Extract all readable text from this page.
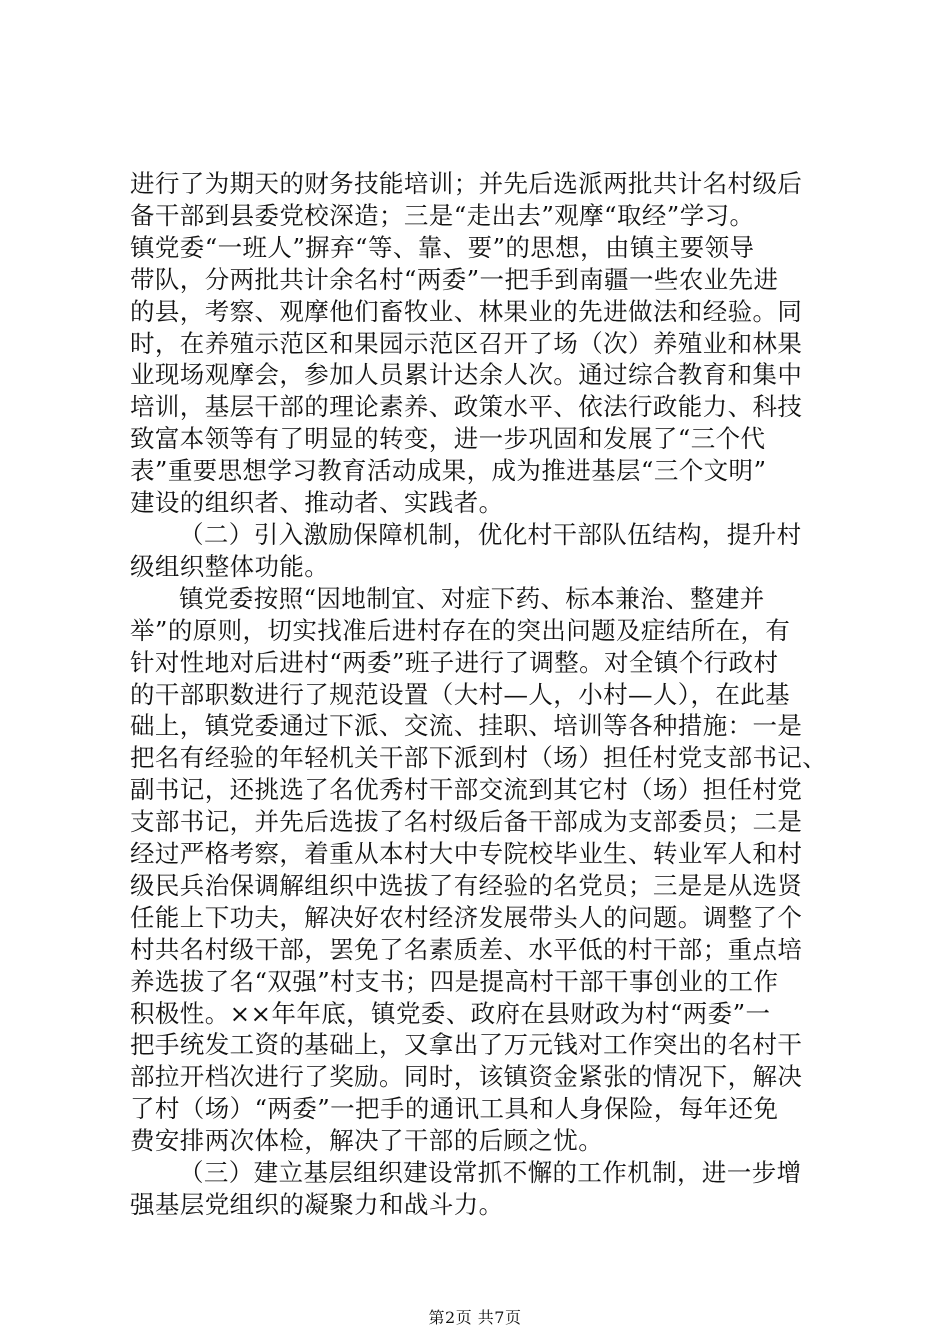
进行了为期天的财务技能培训；并先后选派两批共计名村级后
备干部到县委党校深造；三是“走出去”观摩“取经”学习。
镇党委“一班人”摒弃“等、靠、要”的思想，由镇主要领导
带队，分两批共计余名村“两委”一把手到南疆一些农业先进
的县，考察、观摩他们畜牧业、林果业的先进做法和经验。同
时，在养殖示范区和果园示范区召开了场（次）养殖业和林果
业现场观摩会，参加人员累计达余人次。通过综合教育和集中
培训，基层干部的理论素养、政策水平、依法行政能力、科技
致富本领等有了明显的转变，进一步巩固和发展了“三个代
表”重要思想学习教育活动成果，成为推进基层“三个文明”
建设的组织者、推动者、实践者。

（二）引入激励保障机制，优化村干部队伍结构，提升村
级组织整体功能。

镇党委按照“因地制宜、对症下药、标本兼治、整建并
举”的原则，切实找准后进村存在的突出问题及症结所在，有
针对性地对后进村“两委”班子进行了调整。对全镇个行政村
的干部职数进行了规范设置（大村—人，小村—人），在此基
础上，镇党委通过下派、交流、挂职、培训等各种措施：一是
把名有经验的年轻机关干部下派到村（场）担任村党支部书记、
副书记，还挑选了名优秀村干部交流到其它村（场）担任村党
支部书记，并先后选拔了名村级后备干部成为支部委员；二是
经过严格考察，着重从本村大中专院校毕业生、转业军人和村
级民兵治保调解组织中选拔了有经验的名党员；三是是从选贤
任能上下功夫，解决好农村经济发展带头人的问题。调整了个
村共名村级干部，罢免了名素质差、水平低的村干部；重点培
养选拔了名“双强”村支书；四是提高村干部干事创业的工作
积极性。××年年底，镇党委、政府在县财政为村“两委”一
把手统发工资的基础上，又拿出了万元钱对工作突出的名村干
部拉开档次进行了奖励。同时，该镇资金紧张的情况下，解决
了村（场）“两委”一把手的通讯工具和人身保险，每年还免
费安排两次体检，解决了干部的后顾之忧。

（三）建立基层组织建设常抓不懈的工作机制，进一步增
强基层党组织的凝聚力和战斗力。

第2页 共7页
